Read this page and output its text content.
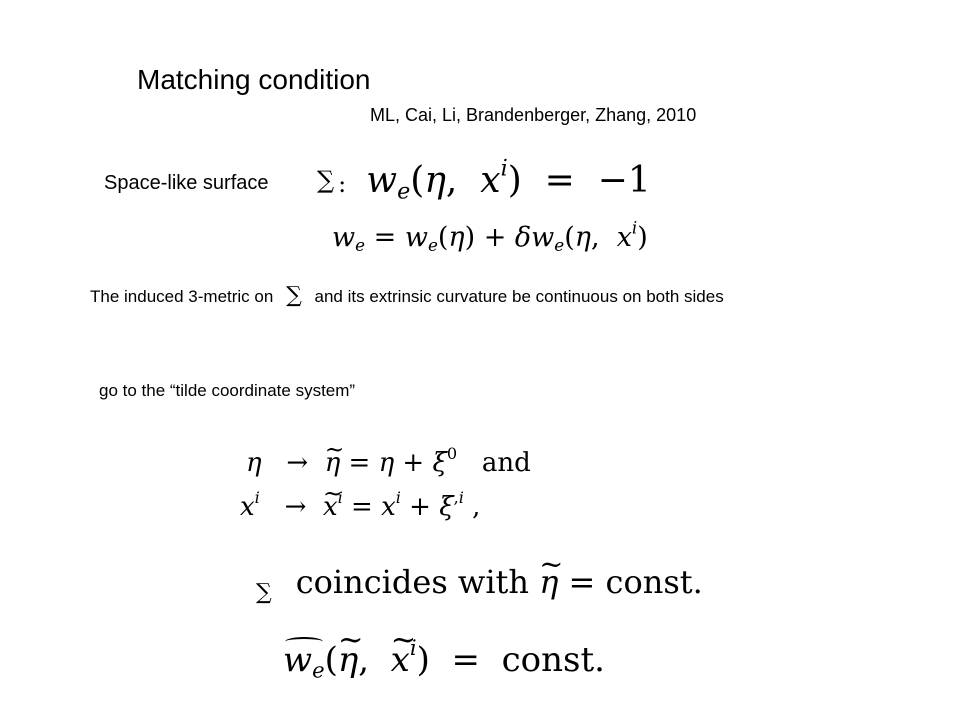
Matching condition
ML, Cai, Li, Brandenberger, Zhang, 2010
Space-like surface ∑ : $w_e(\eta$,  $x^i) = -1$
$w_e = w_e(\eta) + \delta w_e(\eta$,  $x^i$)
The induced 3-metric on ∑ and its extrinsic curvature be continuous on both sides
go to the “tilde coordinate system”
η   →  ~ $\eta = \eta + \xi^0$   and
$x^i$   →  ~ $x^i = x^i + \xi^{,i}$ ,
∑ coincides with ~ η = const.
$w_e(\sim$ η,  ~ $x^i$)  =  const.
